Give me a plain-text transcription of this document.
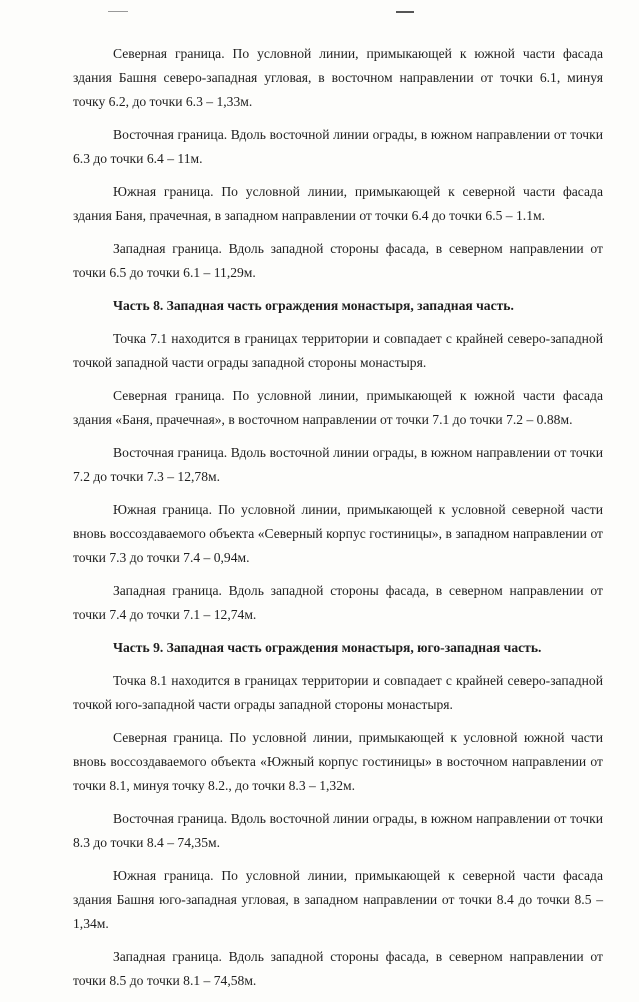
Северная граница. По условной линии, примыкающей к южной части фасада здания Башня северо-западная угловая, в восточном направлении от точки 6.1, минуя точку 6.2, до точки 6.3 – 1,33м.

Восточная граница. Вдоль восточной линии ограды, в южном направлении от точки 6.3 до точки 6.4 – 11м.

Южная граница. По условной линии, примыкающей к северной части фасада здания Баня, прачечная, в западном направлении от точки 6.4 до точки 6.5 – 1.1м.

Западная граница. Вдоль западной стороны фасада, в северном направлении от точки 6.5 до точки 6.1 – 11,29м.

Часть 8. Западная часть ограждения монастыря, западная часть.

Точка 7.1 находится в границах территории и совпадает с крайней северо-западной точкой западной части ограды западной стороны монастыря.

Северная граница. По условной линии, примыкающей к южной части фасада здания «Баня, прачечная», в восточном направлении от точки 7.1 до точки 7.2 – 0.88м.

Восточная граница. Вдоль восточной линии ограды, в южном направлении от точки 7.2 до точки 7.3 – 12,78м.

Южная граница. По условной линии, примыкающей к условной северной части вновь воссоздаваемого объекта «Северный корпус гостиницы», в западном направлении от точки 7.3 до точки 7.4 – 0,94м.

Западная граница. Вдоль западной стороны фасада, в северном направлении от точки 7.4 до точки 7.1 – 12,74м.

Часть 9. Западная часть ограждения монастыря, юго-западная часть.

Точка 8.1 находится в границах территории и совпадает с крайней северо-западной точкой юго-западной части ограды западной стороны монастыря.

Северная граница. По условной линии, примыкающей к условной южной части вновь воссоздаваемого объекта «Южный корпус гостиницы» в восточном направлении от точки 8.1, минуя точку 8.2., до точки 8.3 – 1,32м.

Восточная граница. Вдоль восточной линии ограды, в южном направлении от точки 8.3 до точки 8.4 – 74,35м.

Южная граница. По условной линии, примыкающей к северной части фасада здания Башня юго-западная угловая, в западном направлении от точки 8.4 до точки 8.5 – 1,34м.

Западная граница. Вдоль западной стороны фасада, в северном направлении от точки 8.5 до точки 8.1 – 74,58м.
